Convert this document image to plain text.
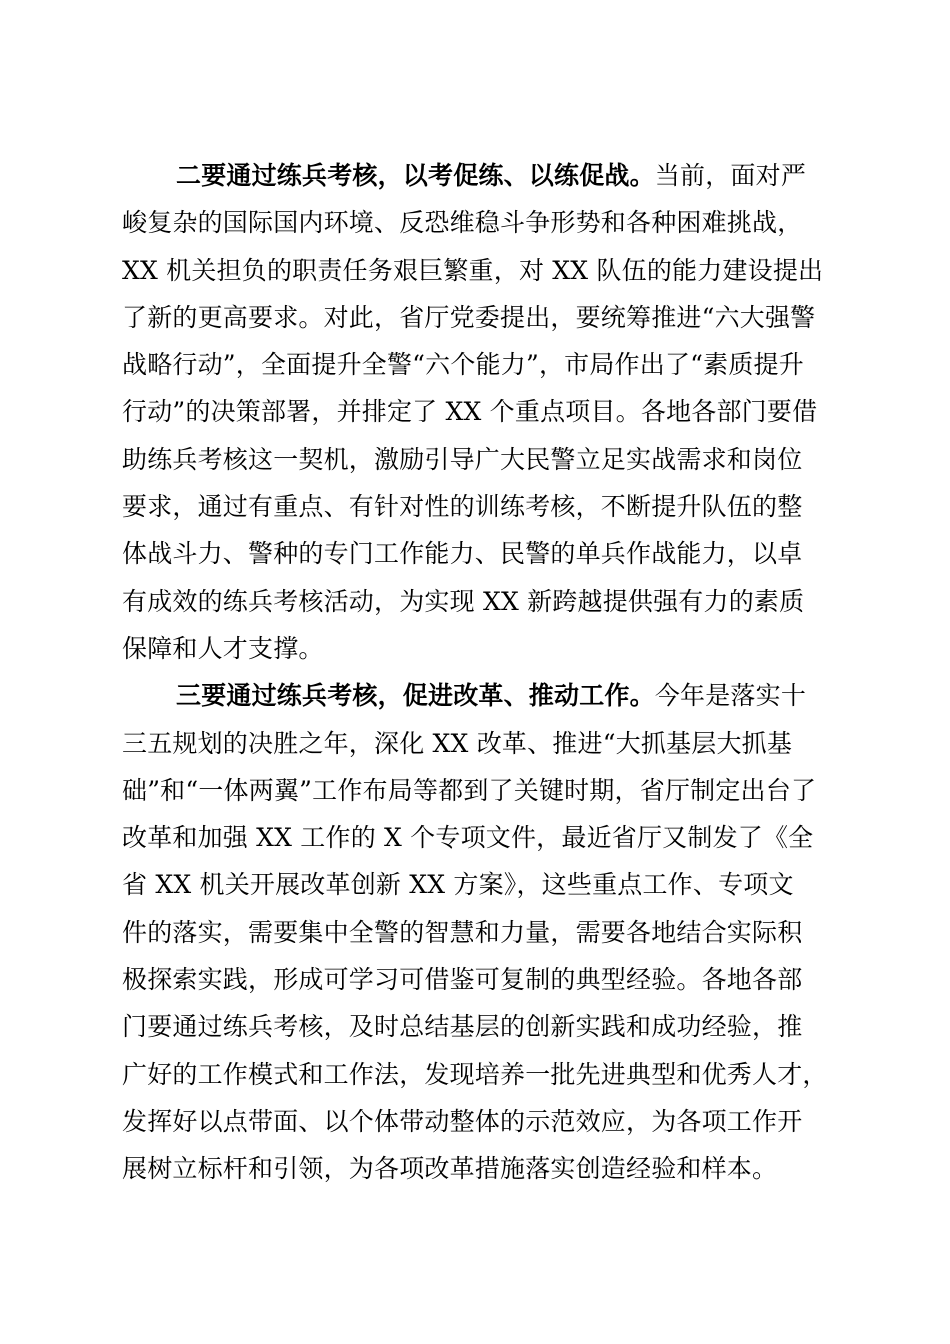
二要通过练兵考核，以考促练、以练促战。当前，面对严
峻复杂的国际国内环境、反恐维稳斗争形势和各种困难挑战，
XX 机关担负的职责任务艰巨繁重，对 XX 队伍的能力建设提出
了新的更高要求。对此，省厅党委提出，要统筹推进“六大强警
战略行动”，全面提升全警“六个能力”，市局作出了“素质提升
行动”的决策部署，并排定了 XX 个重点项目。各地各部门要借
助练兵考核这一契机，激励引导广大民警立足实战需求和岗位
要求，通过有重点、有针对性的训练考核，不断提升队伍的整
体战斗力、警种的专门工作能力、民警的单兵作战能力，以卓
有成效的练兵考核活动，为实现 XX 新跨越提供强有力的素质
保障和人才支撑。
三要通过练兵考核，促进改革、推动工作。今年是落实十
三五规划的决胜之年，深化 XX 改革、推进“大抓基层大抓基
础”和“一体两翼”工作布局等都到了关键时期，省厅制定出台了
改革和加强 XX 工作的 X 个专项文件，最近省厅又制发了《全
省 XX 机关开展改革创新 XX 方案》，这些重点工作、专项文
件的落实，需要集中全警的智慧和力量，需要各地结合实际积
极探索实践，形成可学习可借鉴可复制的典型经验。各地各部
门要通过练兵考核，及时总结基层的创新实践和成功经验，推
广好的工作模式和工作法，发现培养一批先进典型和优秀人才，
发挥好以点带面、以个体带动整体的示范效应，为各项工作开
展树立标杆和引领，为各项改革措施落实创造经验和样本。
